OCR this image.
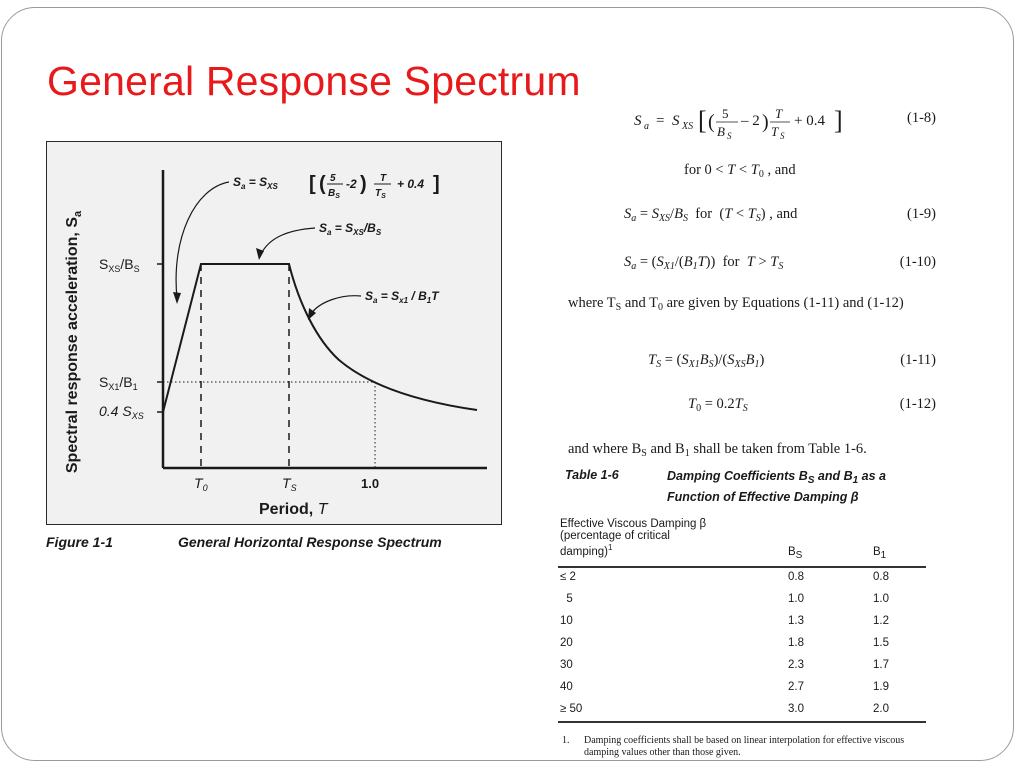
General Response Spectrum
Spectral response acceleration, $S_a$
$S_{XS}/B_S$
$S_{X1}/B_1$
0.4 $S_{XS}$
$T_0$	$T_S$	1.0
Period, T
$S_a = S_{XS}$ [ ( 5
$B_S$
-2 ) T
$T_S$
+ 0.4 ]
$S_a = S_{XS}/B_S$
$S_a = S_{x1} / B_1T$
Figure 1-1	General Horizontal Response Spectrum
S a = S XS [ ( 5
B S
– 2 ) T
T S
+ 0.4 ]	(1-8)
for $0 < T < T_0$ , and
$S_a = S_{XS}/B_S$  for  $(T < T_S)$ , and	(1-9)
$S_a = (S_{X1}/(B_1T))$  for  $T > T_S$	(1-10)
where $T_S$ and $T_0$ are given by Equations (1-11) and (1-12)
$T_S = (S_{X1}B_S)/(S_{XS}B_1)$	(1-11)
$T_0 = 0.2T_S$	(1-12)
and where $B_S$ and $B_1$ shall be taken from Table 1-6.
Table 1-6	Damping Coefficients $B_S$ and $B_1$ as a Function of Effective Damping β
Effective Viscous Damping β
(percentage of critical
damping)$^1$	$B_S$	$B_1$
≤ 2	0.8	0.8
5	1.0	1.0
10	1.3	1.2
20	1.8	1.5
30	2.3	1.7
40	2.7	1.9
≥ 50	3.0	2.0
1. Damping coefficients shall be based on linear interpolation for effective viscous damping values other than those given.
